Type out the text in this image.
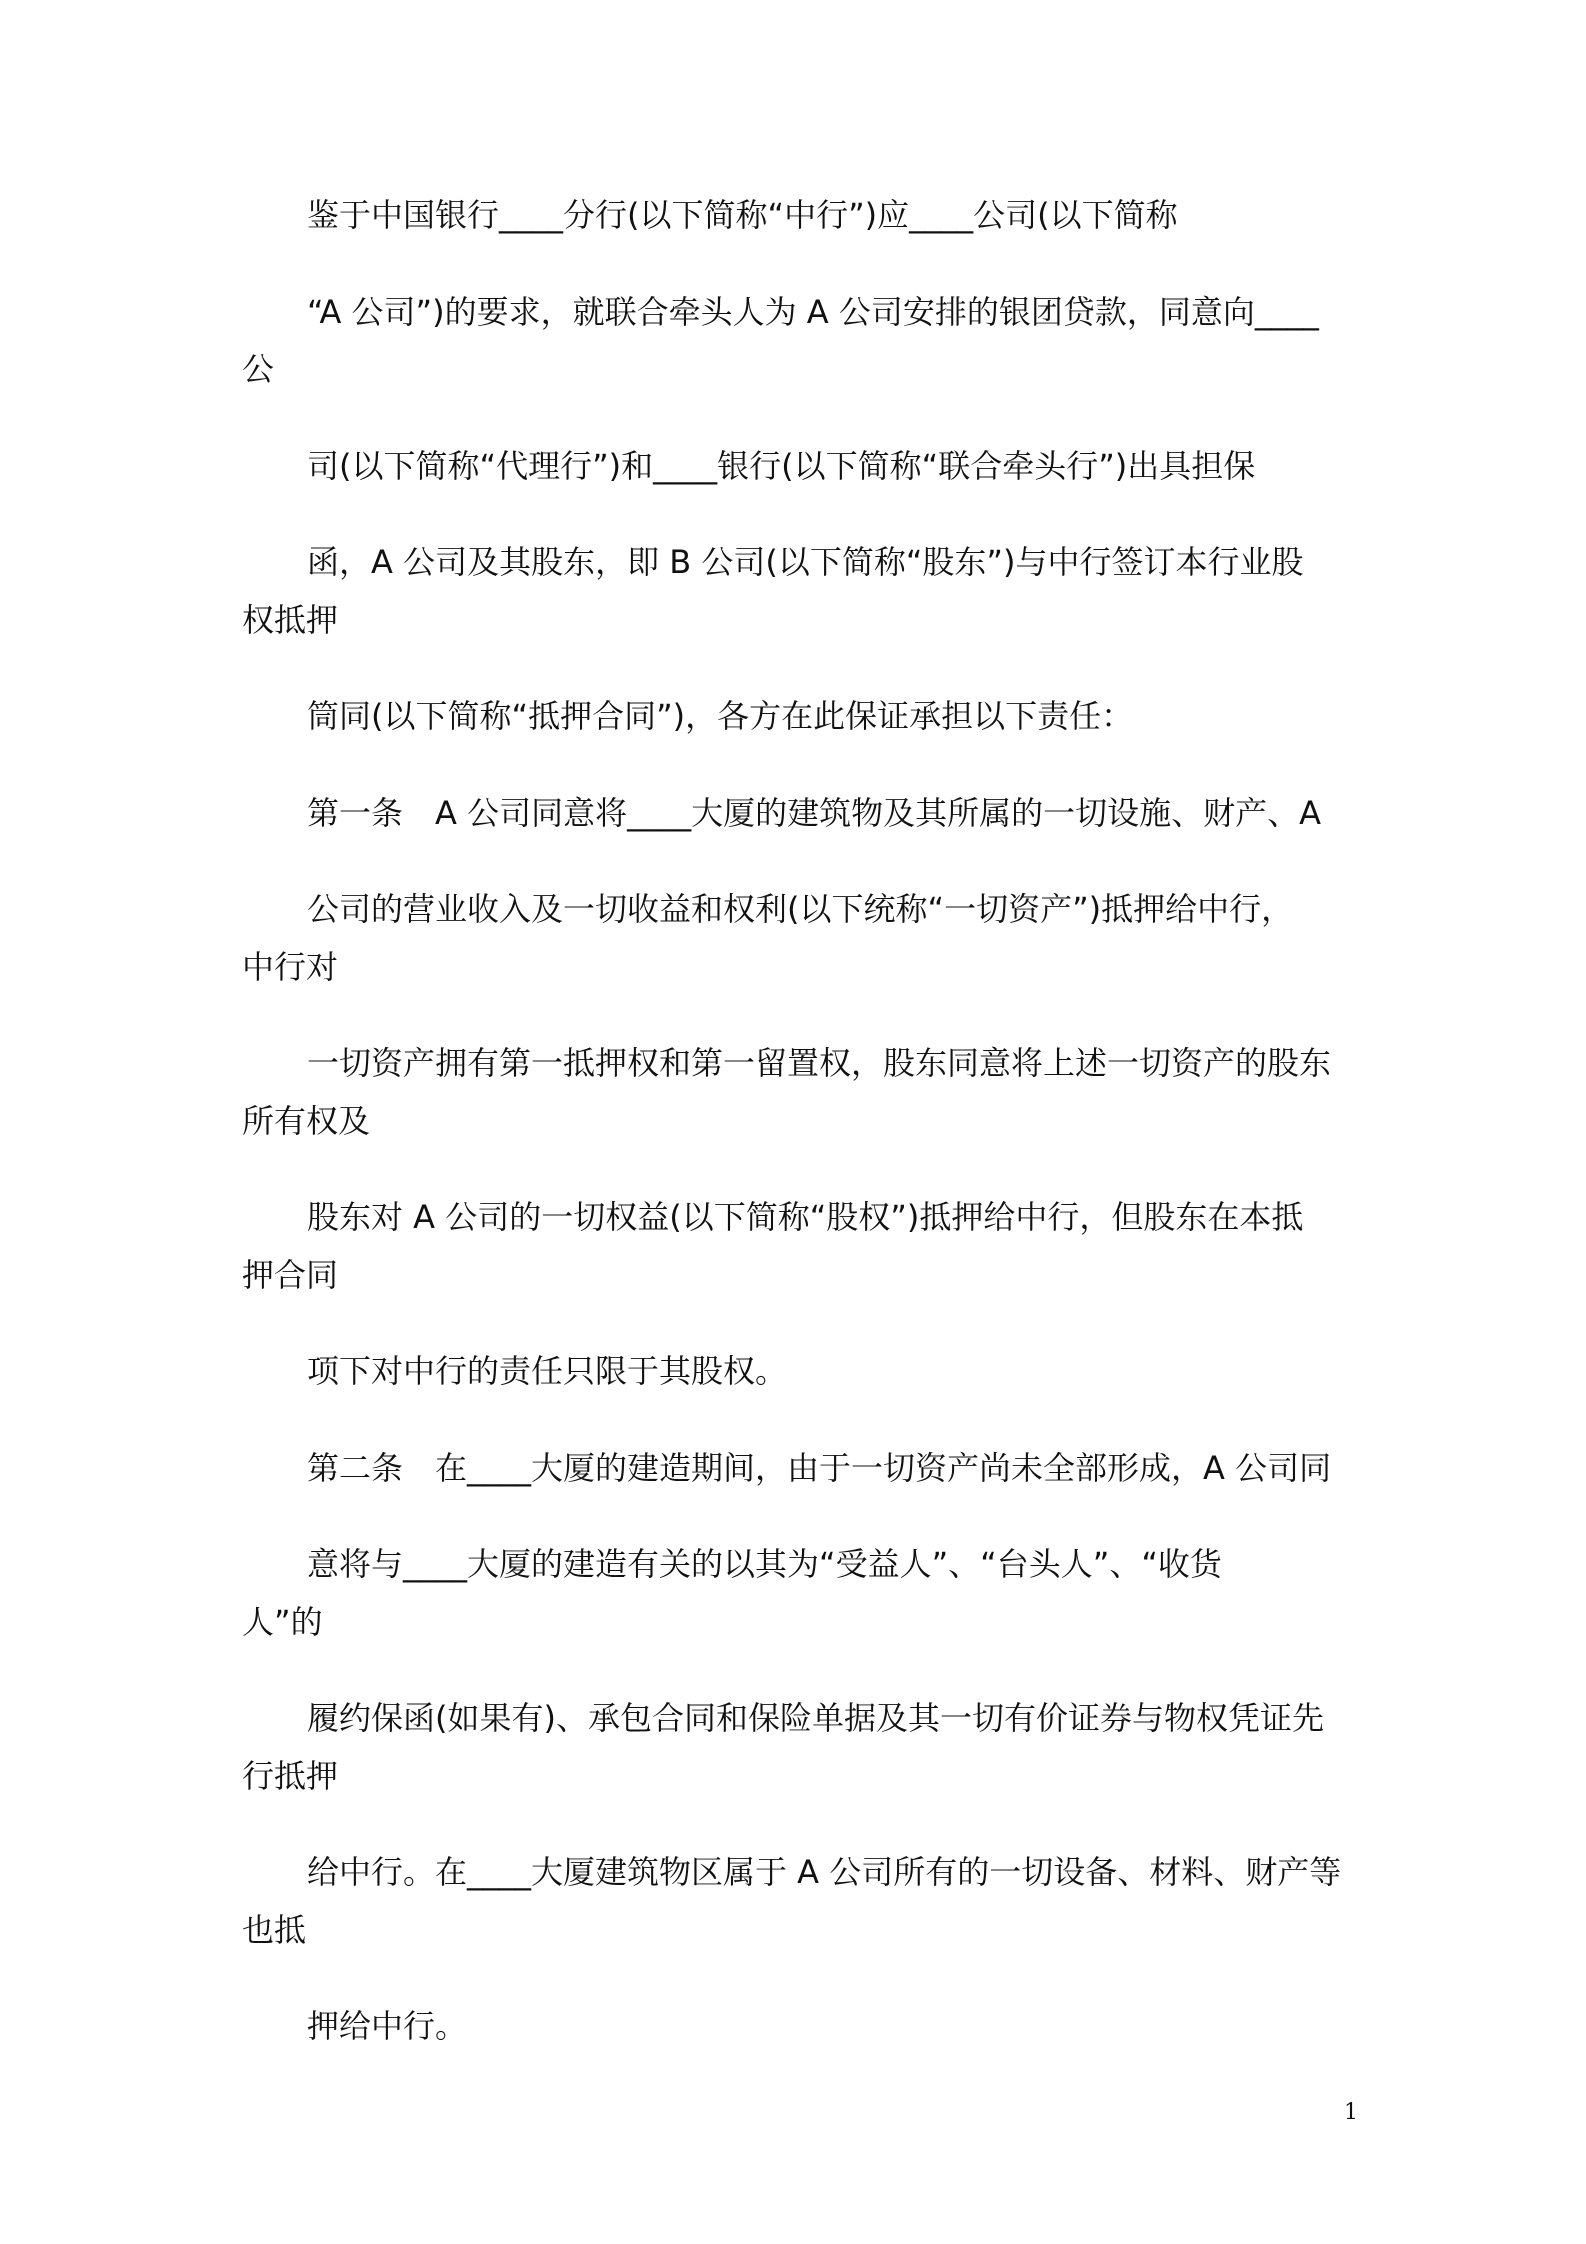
鉴于中国银行____分行(以下简称“中行”)应____公司(以下简称
“A 公司”)的要求，就联合牵头人为 A 公司安排的银团贷款，同意向____
公
司(以下简称“代理行”)和____银行(以下简称“联合牵头行”)出具担保
函，A 公司及其股东，即 B 公司(以下简称“股东”)与中行签订本行业股
权抵押
筒同(以下简称“抵押合同”)，各方在此保证承担以下责任：
第一条　A 公司同意将____大厦的建筑物及其所属的一切设施、财产、A
公司的营业收入及一切收益和权利(以下统称“一切资产”)抵押给中行，
中行对
一切资产拥有第一抵押权和第一留置权，股东同意将上述一切资产的股东
所有权及
股东对 A 公司的一切权益(以下简称“股权”)抵押给中行，但股东在本抵
押合同
项下对中行的责任只限于其股权。
第二条　在____大厦的建造期间，由于一切资产尚未全部形成，A 公司同
意将与____大厦的建造有关的以其为“受益人”、“台头人”、“收货
人”的
履约保函(如果有)、承包合同和保险单据及其一切有价证券与物权凭证先
行抵押
给中行。在____大厦建筑物区属于 A 公司所有的一切设备、材料、财产等
也抵
押给中行。
1
